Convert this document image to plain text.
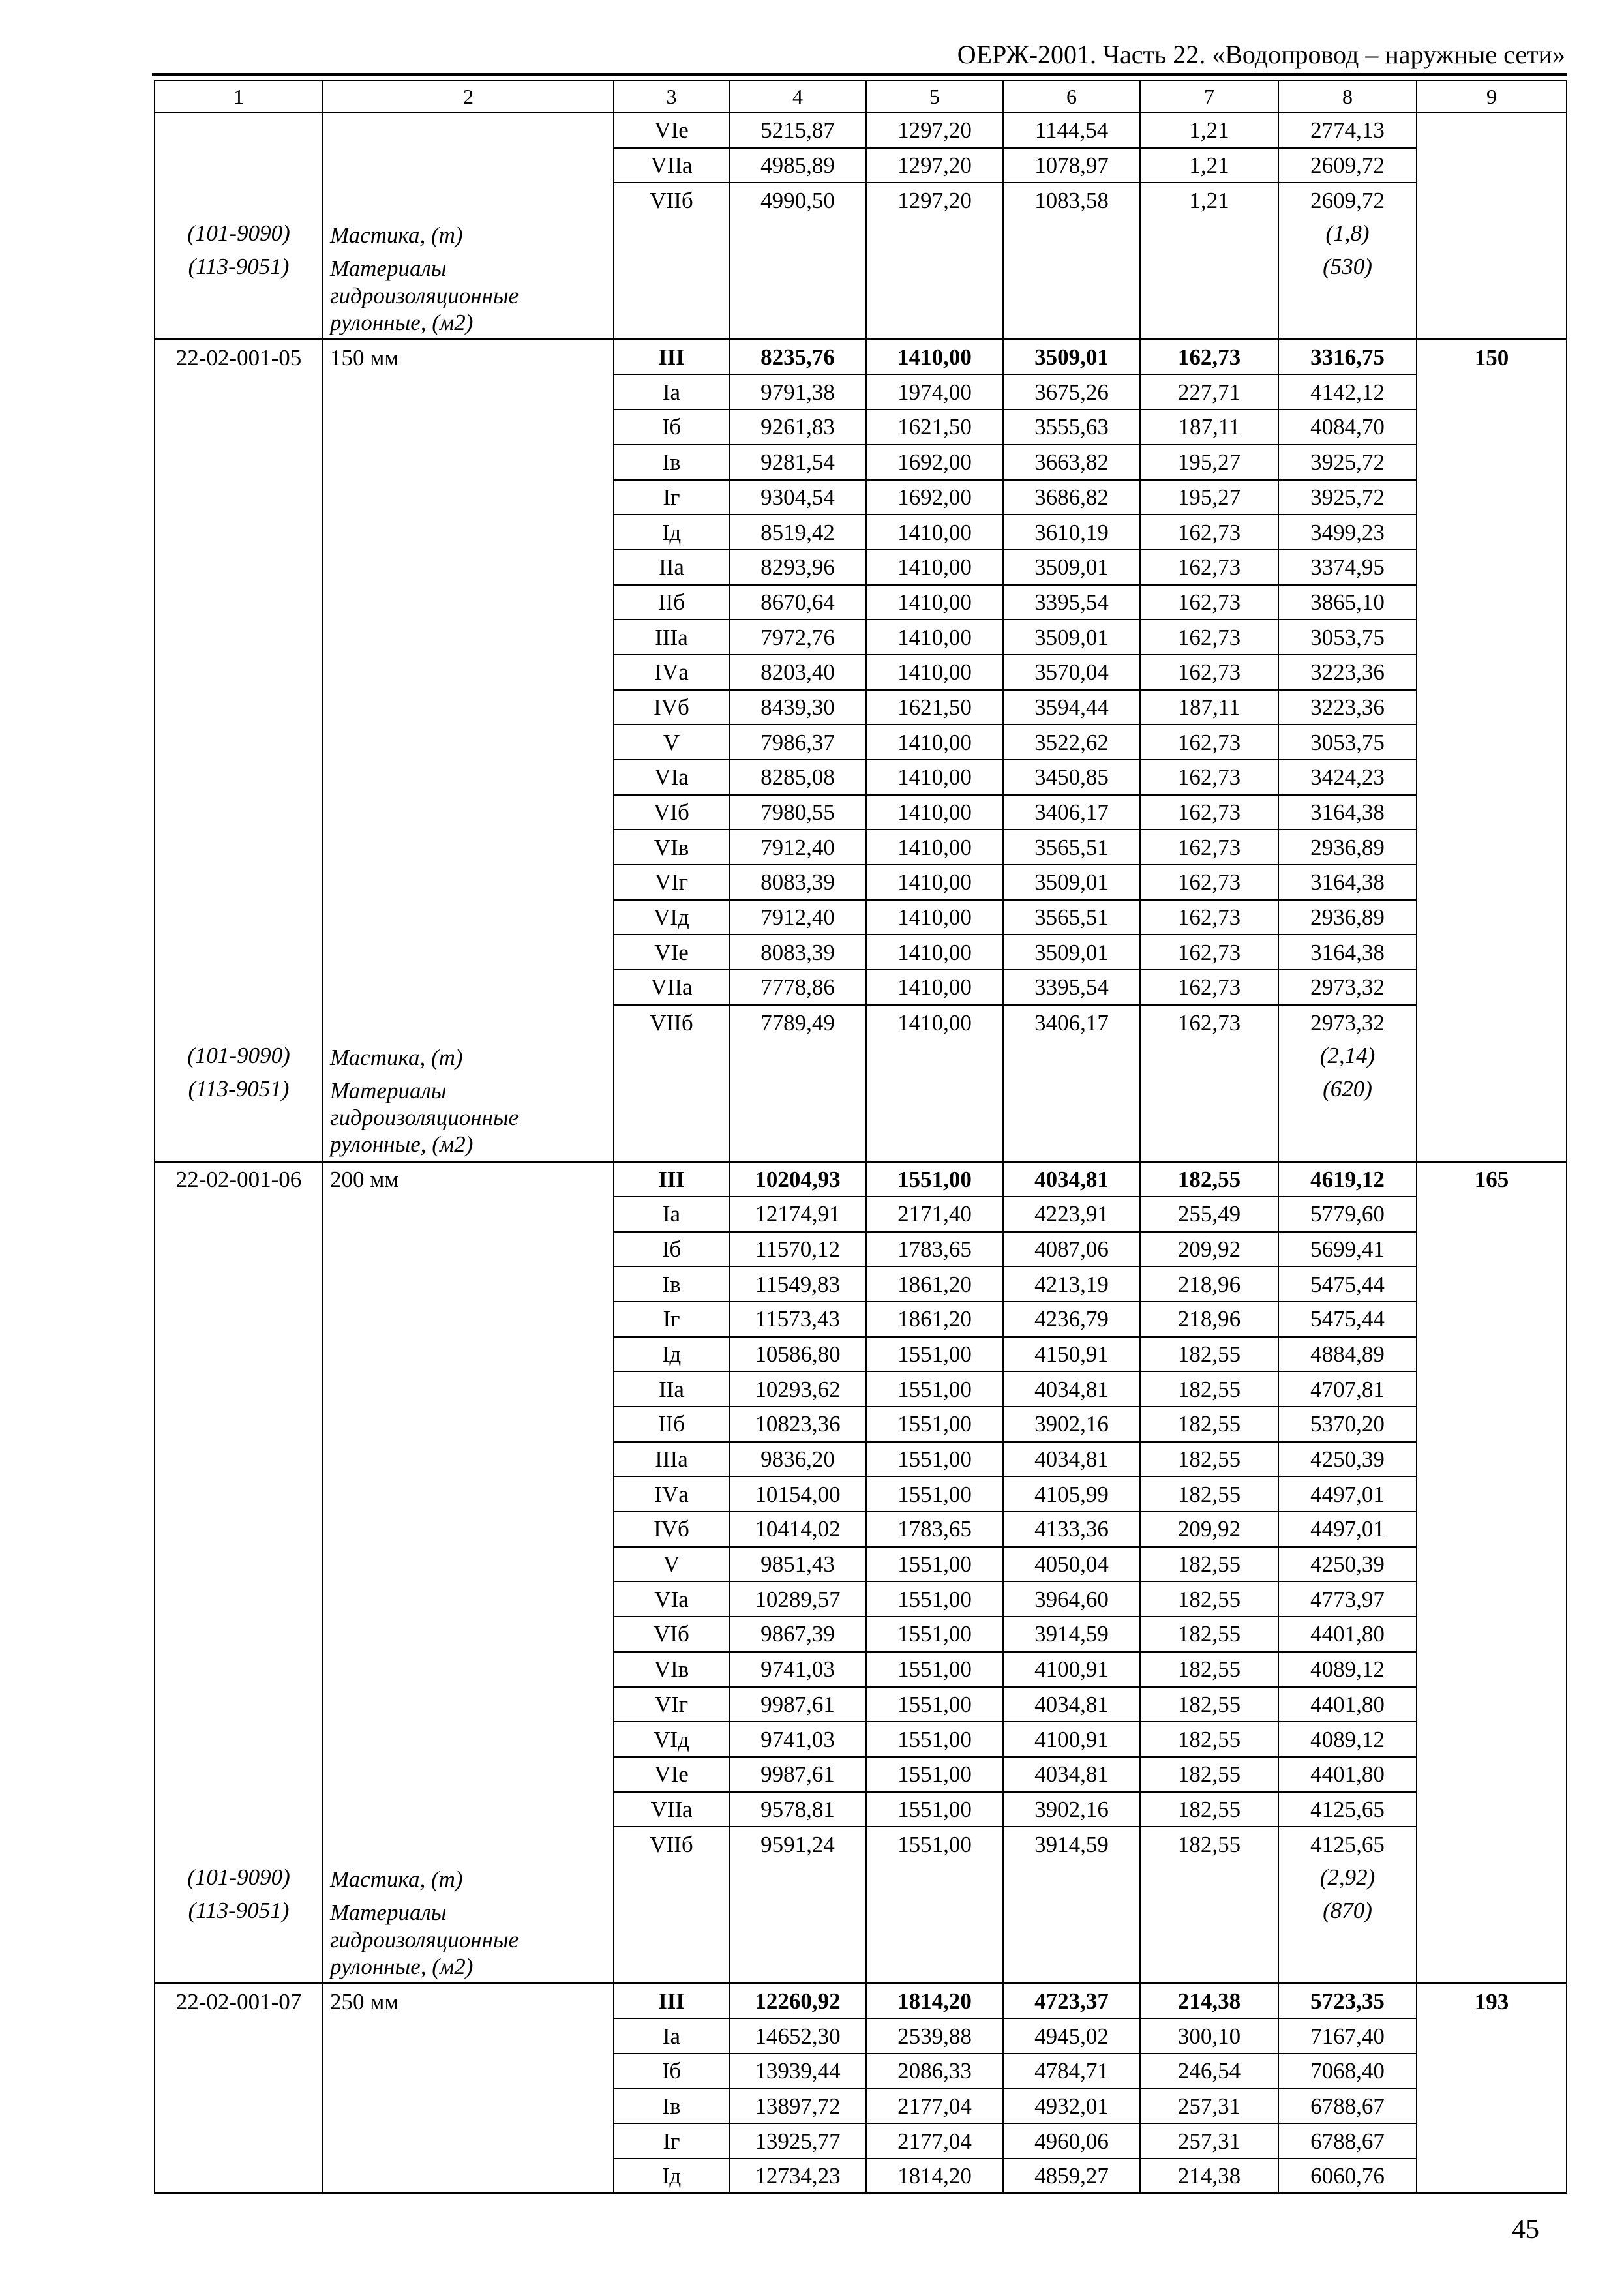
ОЕРЖ-2001. Часть 22. «Водопровод – наружные сети»
1	2	3	4	5	6	7	8	9
		VIе	5215,87	1297,20	1144,54	1,21	2774,13	
		VIIа	4985,89	1297,20	1078,97	1,21	2609,72	
		VIIб	4990,50	1297,20	1083,58	1,21	2609,72	
(101-9090)	Мастика, (т)						(1,8)	
(113-9051)	Материалы гидроизоляционные рулонные, (м2)						(530)	
22-02-001-05	150 мм	III	8235,76	1410,00	3509,01	162,73	3316,75	150
		Iа	9791,38	1974,00	3675,26	227,71	4142,12	
		Iб	9261,83	1621,50	3555,63	187,11	4084,70	
		Iв	9281,54	1692,00	3663,82	195,27	3925,72	
		Iг	9304,54	1692,00	3686,82	195,27	3925,72	
		Iд	8519,42	1410,00	3610,19	162,73	3499,23	
		IIа	8293,96	1410,00	3509,01	162,73	3374,95	
		IIб	8670,64	1410,00	3395,54	162,73	3865,10	
		IIIа	7972,76	1410,00	3509,01	162,73	3053,75	
		IVа	8203,40	1410,00	3570,04	162,73	3223,36	
		IVб	8439,30	1621,50	3594,44	187,11	3223,36	
		V	7986,37	1410,00	3522,62	162,73	3053,75	
		VIа	8285,08	1410,00	3450,85	162,73	3424,23	
		VIб	7980,55	1410,00	3406,17	162,73	3164,38	
		VIв	7912,40	1410,00	3565,51	162,73	2936,89	
		VIг	8083,39	1410,00	3509,01	162,73	3164,38	
		VIд	7912,40	1410,00	3565,51	162,73	2936,89	
		VIе	8083,39	1410,00	3509,01	162,73	3164,38	
		VIIа	7778,86	1410,00	3395,54	162,73	2973,32	
		VIIб	7789,49	1410,00	3406,17	162,73	2973,32	
(101-9090)	Мастика, (т)						(2,14)	
(113-9051)	Материалы гидроизоляционные рулонные, (м2)						(620)	
22-02-001-06	200 мм	III	10204,93	1551,00	4034,81	182,55	4619,12	165
		Iа	12174,91	2171,40	4223,91	255,49	5779,60	
		Iб	11570,12	1783,65	4087,06	209,92	5699,41	
		Iв	11549,83	1861,20	4213,19	218,96	5475,44	
		Iг	11573,43	1861,20	4236,79	218,96	5475,44	
		Iд	10586,80	1551,00	4150,91	182,55	4884,89	
		IIа	10293,62	1551,00	4034,81	182,55	4707,81	
		IIб	10823,36	1551,00	3902,16	182,55	5370,20	
		IIIа	9836,20	1551,00	4034,81	182,55	4250,39	
		IVа	10154,00	1551,00	4105,99	182,55	4497,01	
		IVб	10414,02	1783,65	4133,36	209,92	4497,01	
		V	9851,43	1551,00	4050,04	182,55	4250,39	
		VIа	10289,57	1551,00	3964,60	182,55	4773,97	
		VIб	9867,39	1551,00	3914,59	182,55	4401,80	
		VIв	9741,03	1551,00	4100,91	182,55	4089,12	
		VIг	9987,61	1551,00	4034,81	182,55	4401,80	
		VIд	9741,03	1551,00	4100,91	182,55	4089,12	
		VIе	9987,61	1551,00	4034,81	182,55	4401,80	
		VIIа	9578,81	1551,00	3902,16	182,55	4125,65	
		VIIб	9591,24	1551,00	3914,59	182,55	4125,65	
(101-9090)	Мастика, (т)						(2,92)	
(113-9051)	Материалы гидроизоляционные рулонные, (м2)						(870)	
22-02-001-07	250 мм	III	12260,92	1814,20	4723,37	214,38	5723,35	193
		Iа	14652,30	2539,88	4945,02	300,10	7167,40	
		Iб	13939,44	2086,33	4784,71	246,54	7068,40	
		Iв	13897,72	2177,04	4932,01	257,31	6788,67	
		Iг	13925,77	2177,04	4960,06	257,31	6788,67	
		Iд	12734,23	1814,20	4859,27	214,38	6060,76	
45
